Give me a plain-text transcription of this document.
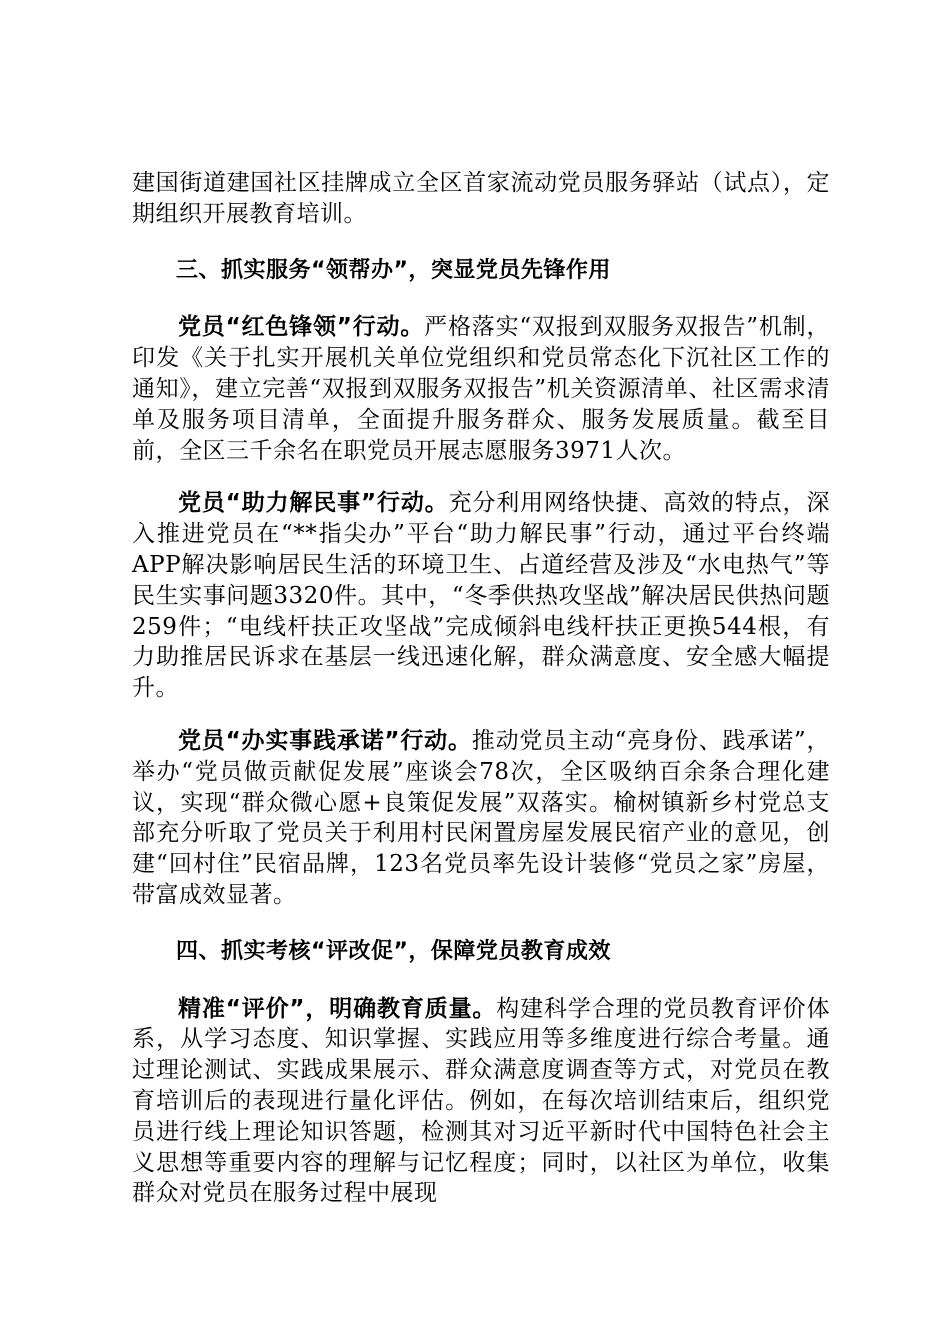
建国街道建国社区挂牌成立全区首家流动党员服务驿站（试点），定期组织开展教育培训。

三、抓实服务“领帮办”，突显党员先锋作用

党员“红色锋领”行动。严格落实“双报到双服务双报告”机制，印发《关于扎实开展机关单位党组织和党员常态化下沉社区工作的通知》，建立完善“双报到双服务双报告”机关资源清单、社区需求清单及服务项目清单，全面提升服务群众、服务发展质量。截至目前，全区三千余名在职党员开展志愿服务3971人次。

党员“助力解民事”行动。充分利用网络快捷、高效的特点，深入推进党员在“**指尖办”平台“助力解民事”行动，通过平台终端APP解决影响居民生活的环境卫生、占道经营及涉及“水电热气”等民生实事问题3320件。其中，“冬季供热攻坚战”解决居民供热问题259件；“电线杆扶正攻坚战”完成倾斜电线杆扶正更换544根，有力助推居民诉求在基层一线迅速化解，群众满意度、安全感大幅提升。

党员“办实事践承诺”行动。推动党员主动“亮身份、践承诺”，举办“党员做贡献促发展”座谈会78次，全区吸纳百余条合理化建议，实现“群众微心愿+良策促发展”双落实。榆树镇新乡村党总支部充分听取了党员关于利用村民闲置房屋发展民宿产业的意见，创建“回村住”民宿品牌，123名党员率先设计装修“党员之家”房屋，带富成效显著。

四、抓实考核“评改促”，保障党员教育成效

精准“评价”，明确教育质量。构建科学合理的党员教育评价体系，从学习态度、知识掌握、实践应用等多维度进行综合考量。通过理论测试、实践成果展示、群众满意度调查等方式，对党员在教育培训后的表现进行量化评估。例如，在每次培训结束后，组织党员进行线上理论知识答题，检测其对习近平新时代中国特色社会主义思想等重要内容的理解与记忆程度；同时，以社区为单位，收集群众对党员在服务过程中展现
